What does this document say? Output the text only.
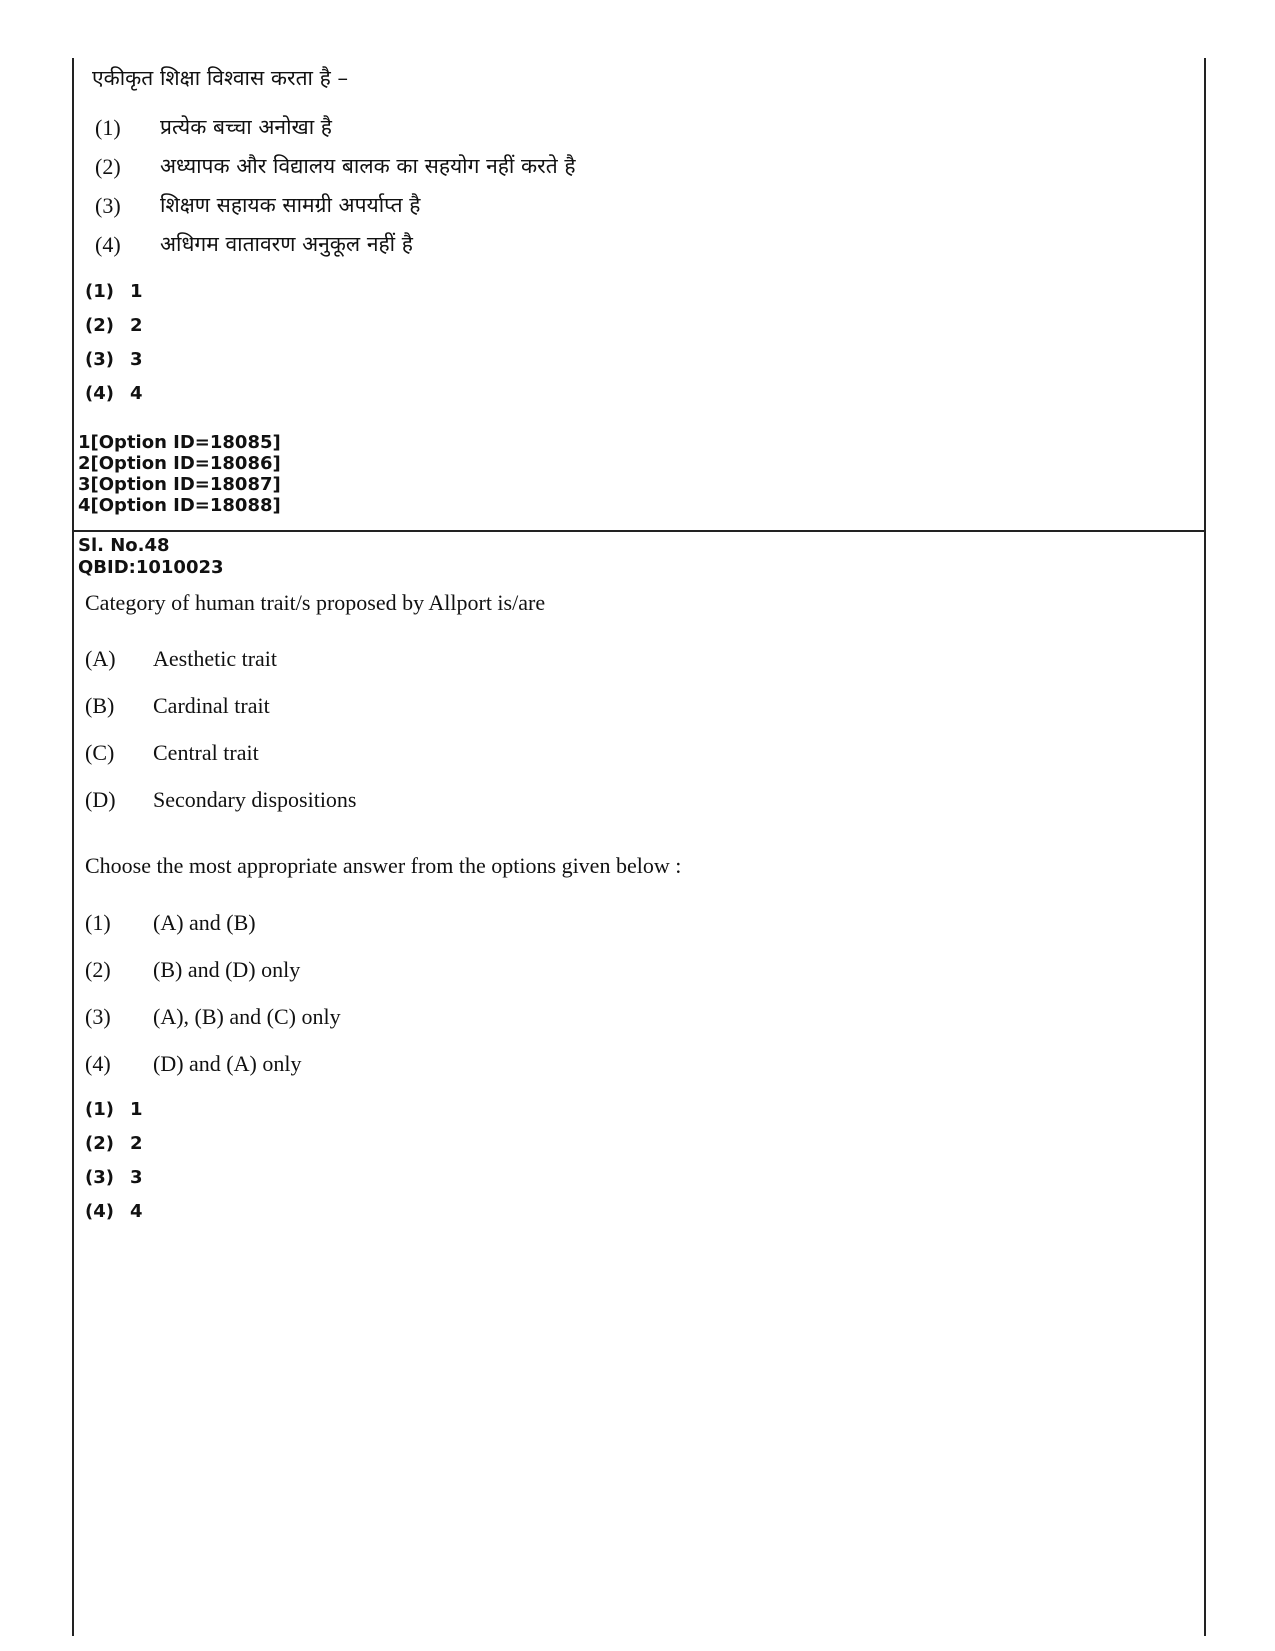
एकीकृत शिक्षा विश्वास करता है –
(1) प्रत्येक बच्चा अनोखा है
(2) अध्यापक और विद्यालय बालक का सहयोग नहीं करते है
(3) शिक्षण सहायक सामग्री अपर्याप्त है
(4) अधिगम वातावरण अनुकूल नहीं है
(1) 1
(2) 2
(3) 3
(4) 4
1[Option ID=18085]
2[Option ID=18086]
3[Option ID=18087]
4[Option ID=18088]
Sl. No.48
QBID:1010023
Category of human trait/s proposed by Allport is/are
(A) Aesthetic trait
(B) Cardinal trait
(C) Central trait
(D) Secondary dispositions
Choose the most appropriate answer from the options given below :
(1) (A) and (B)
(2) (B) and (D) only
(3) (A), (B) and (C) only
(4) (D) and (A) only
(1) 1
(2) 2
(3) 3
(4) 4
